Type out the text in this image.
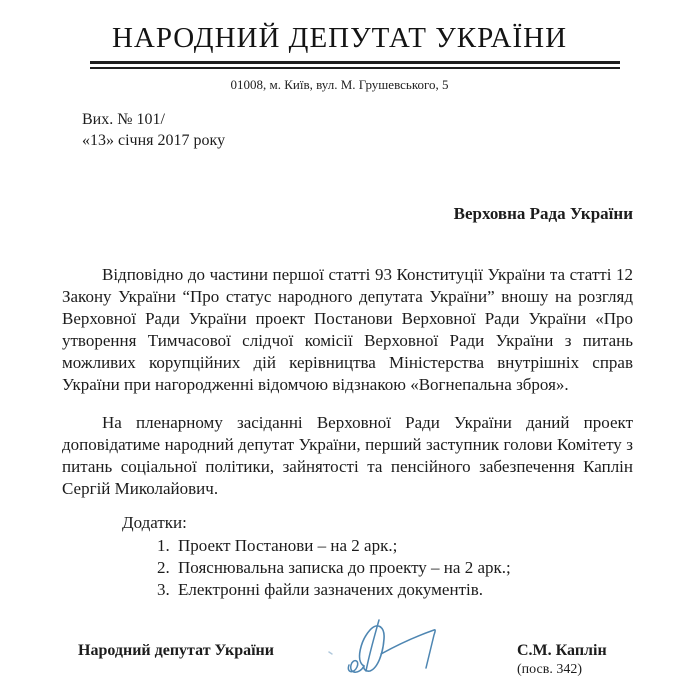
НАРОДНИЙ ДЕПУТАТ УКРАЇНИ
01008, м. Київ, вул. М. Грушевського, 5
Вих. № 101/
«13» січня 2017 року
Верховна Рада України

Відповідно до частини першої статті 93 Конституції України та статті 12 Закону України “Про статус народного депутата України” вношу на розгляд Верховної Ради України проект Постанови Верховної Ради України «Про утворення Тимчасової слідчої комісії Верховної Ради України з питань можливих корупційних дій керівництва Міністерства внутрішніх справ України при нагородженні відомчою відзнакою «Вогнепальна зброя».

На пленарному засіданні Верховної Ради України даний проект доповідатиме народний депутат України, перший заступник голови Комітету з питань соціальної політики, зайнятості та пенсійного забезпечення Каплін Сергій Миколайович.

Додатки:
1. Проект Постанови – на 2 арк.;
2. Пояснювальна записка до проекту – на 2 арк.;
3. Електронні файли зазначених документів.
Народний депутат України	С.М. Каплін
(посв. 342)
